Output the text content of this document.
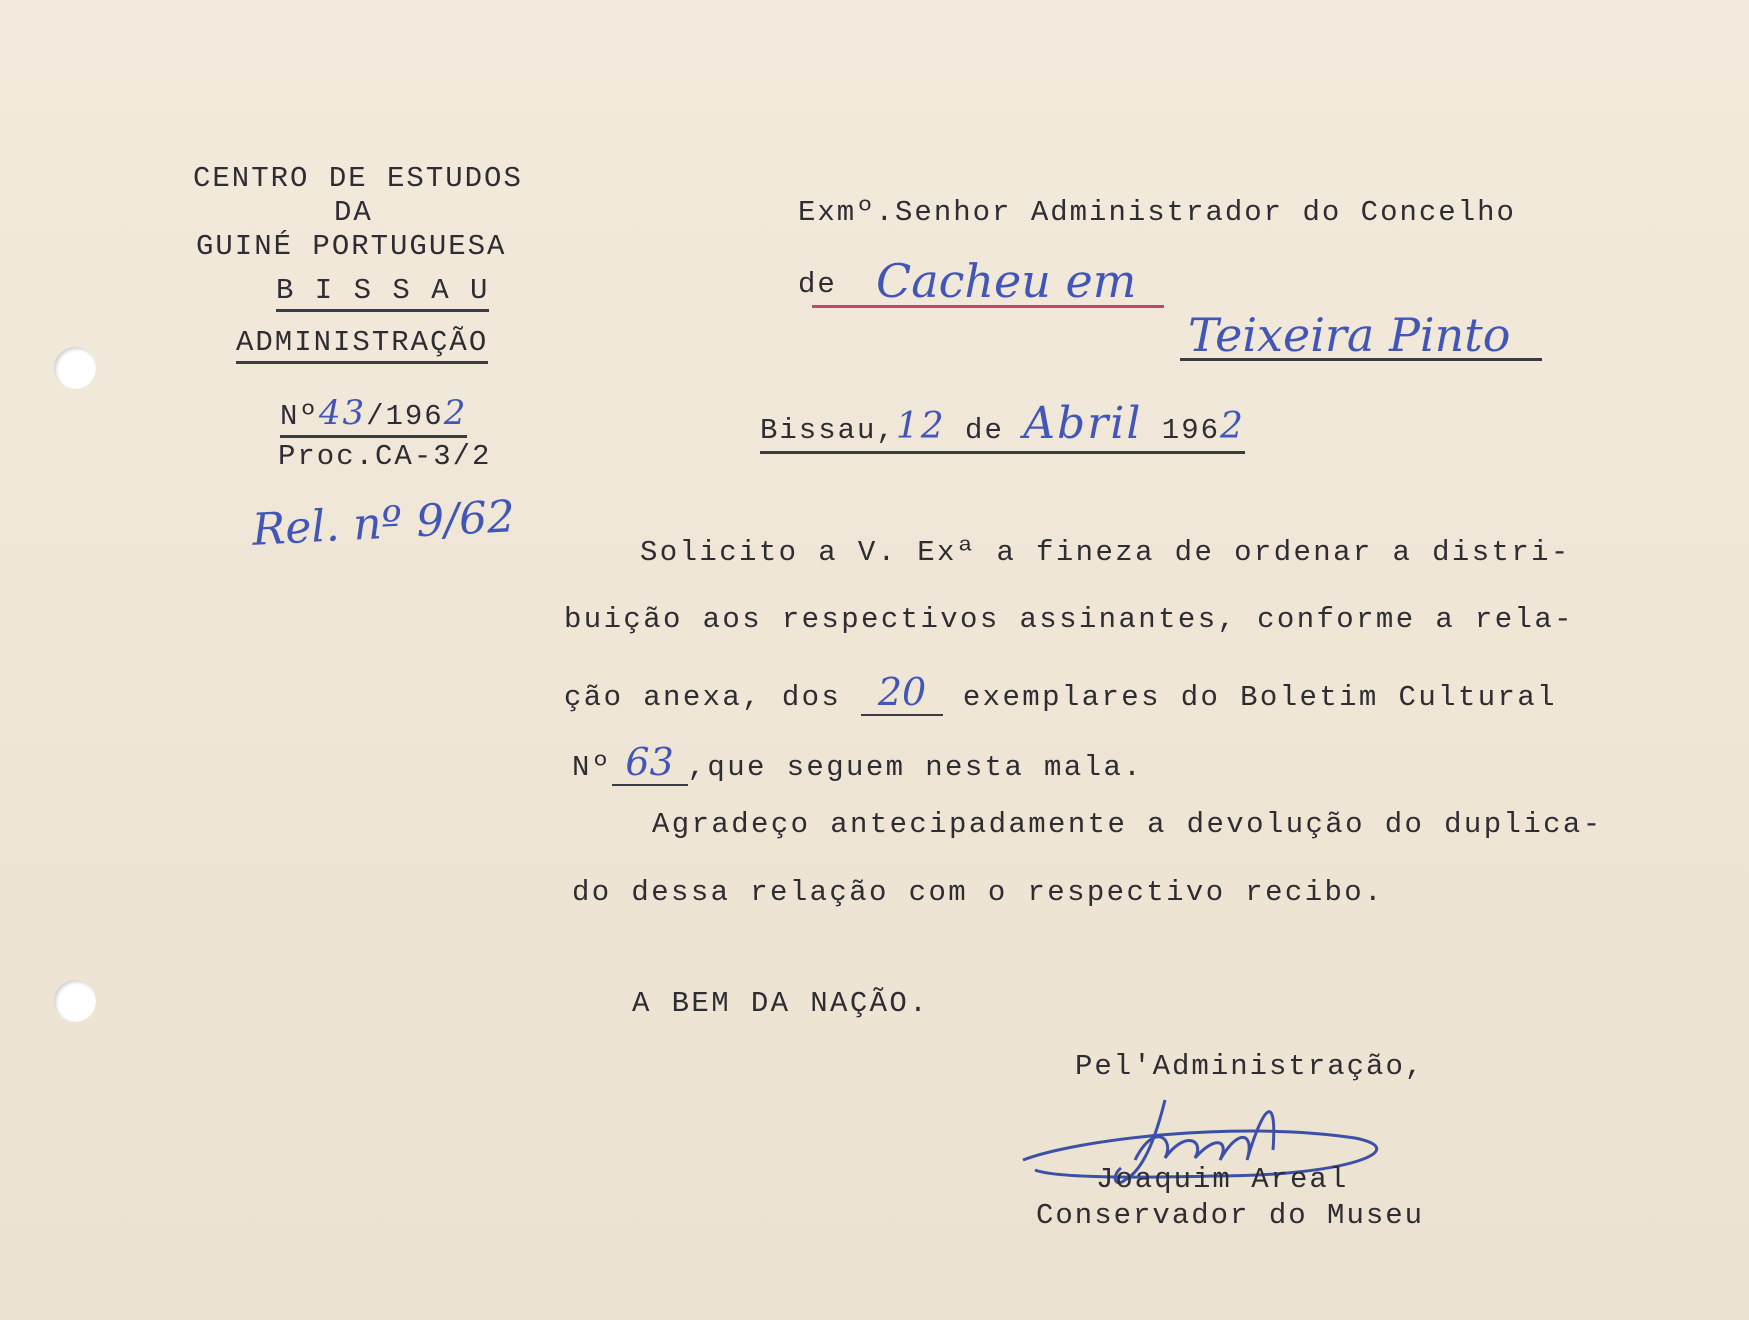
CENTRO DE ESTUDOS
DA
GUINÉ PORTUGUESA
B I S S A U
ADMINISTRAÇÃO
Nº43/1962
Proc.CA-3/2
Rel. nº 9/62
Exmº.Senhor Administrador do Concelho
de Cacheu em
Teixeira Pinto
Bissau,12 de Abril 1962
Solicito a V. Exª a fineza de ordenar a distri-
buição aos respectivos assinantes, conforme a rela-
ção anexa, dos 20 exemplares do Boletim Cultural
Nº 63 ,que seguem nesta mala.
Agradeço antecipadamente a devolução do duplica-
do dessa relação com o respectivo recibo.
A BEM DA NAÇÃO.
Pel'Administração,
Joaquim Areal
Conservador do Museu
